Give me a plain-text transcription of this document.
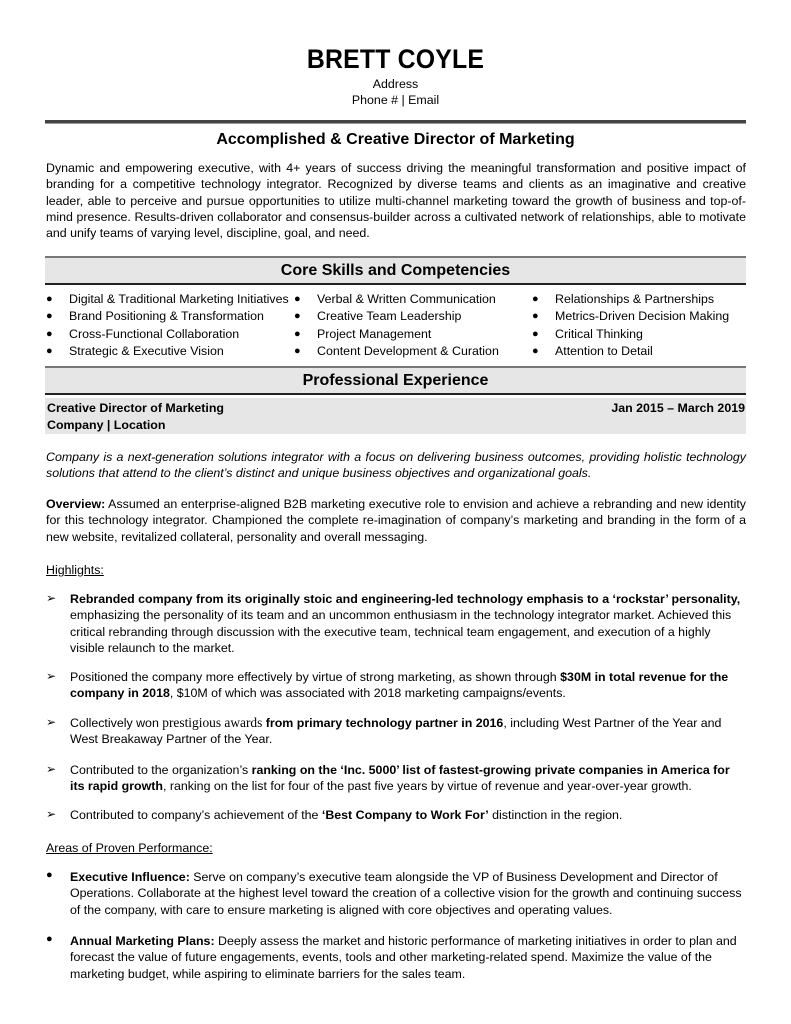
BRETT COYLE
Address
Phone # | Email
Accomplished & Creative Director of Marketing
Dynamic and empowering executive, with 4+ years of success driving the meaningful transformation and positive impact of branding for a competitive technology integrator. Recognized by diverse teams and clients as an imaginative and creative leader, able to perceive and pursue opportunities to utilize multi-channel marketing toward the growth of business and top-of-mind presence. Results-driven collaborator and consensus-builder across a cultivated network of relationships, able to motivate and unify teams of varying level, discipline, goal, and need.
Core Skills and Competencies
● Digital & Traditional Marketing Initiatives
● Brand Positioning & Transformation
● Cross-Functional Collaboration
● Strategic & Executive Vision
● Verbal & Written Communication
● Creative Team Leadership
● Project Management
● Content Development & Curation
● Relationships & Partnerships
● Metrics-Driven Decision Making
● Critical Thinking
● Attention to Detail
Professional Experience
Creative Director of Marketing	Jan 2015 – March 2019
Company | Location
Company is a next-generation solutions integrator with a focus on delivering business outcomes, providing holistic technology solutions that attend to the client’s distinct and unique business objectives and organizational goals.
Overview: Assumed an enterprise-aligned B2B marketing executive role to envision and achieve a rebranding and new identity for this technology integrator. Championed the complete re-imagination of company’s marketing and branding in the form of a new website, revitalized collateral, personality and overall messaging.
Highlights:
➢ Rebranded company from its originally stoic and engineering-led technology emphasis to a ‘rockstar’ personality, emphasizing the personality of its team and an uncommon enthusiasm in the technology integrator market. Achieved this critical rebranding through discussion with the executive team, technical team engagement, and execution of a highly visible relaunch to the market.
➢ Positioned the company more effectively by virtue of strong marketing, as shown through $30M in total revenue for the company in 2018, $10M of which was associated with 2018 marketing campaigns/events.
➢ Collectively won prestigious awards from primary technology partner in 2016, including West Partner of the Year and West Breakaway Partner of the Year.
➢ Contributed to the organization’s ranking on the ‘Inc. 5000’ list of fastest-growing private companies in America for its rapid growth, ranking on the list for four of the past five years by virtue of revenue and year-over-year growth.
➢ Contributed to company’s achievement of the ‘Best Company to Work For’ distinction in the region.
Areas of Proven Performance:
● Executive Influence: Serve on company’s executive team alongside the VP of Business Development and Director of Operations. Collaborate at the highest level toward the creation of a collective vision for the growth and continuing success of the company, with care to ensure marketing is aligned with core objectives and operating values.
● Annual Marketing Plans: Deeply assess the market and historic performance of marketing initiatives in order to plan and forecast the value of future engagements, events, tools and other marketing-related spend. Maximize the value of the marketing budget, while aspiring to eliminate barriers for the sales team.
